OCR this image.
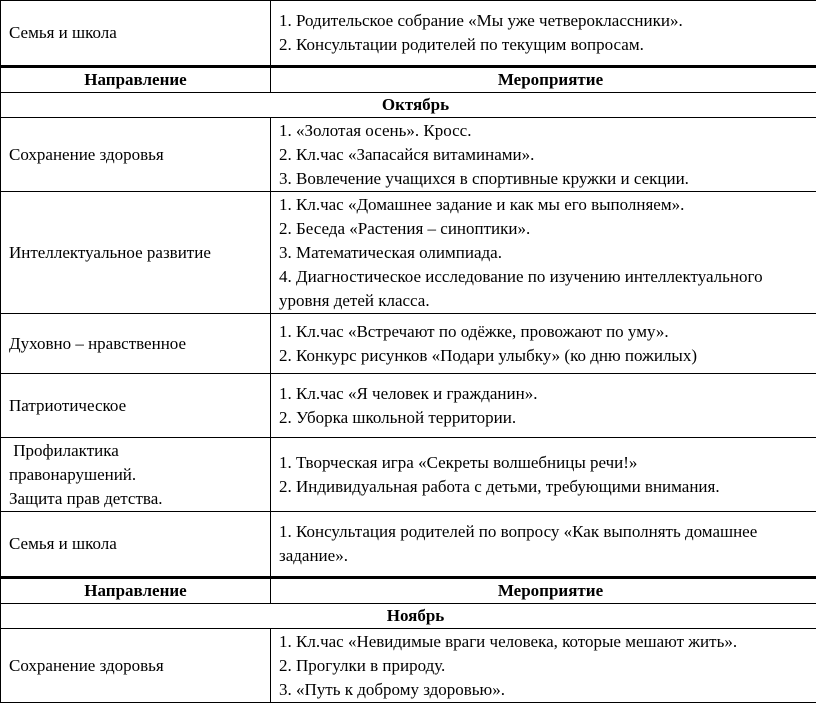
Семья и школа	1. Родительское собрание «Мы уже четвероклассники».
2. Консультации родителей по текущим вопросам.

Направление	Мероприятие
Октябрь	

Сохранение здоровья	1. «Золотая осень». Кросс.
2. Кл.час «Запасайся витаминами».
3. Вовлечение учащихся в спортивные кружки и секции.

Интеллектуальное развитие	1. Кл.час «Домашнее задание и как мы его выполняем».
2. Беседа «Растения – синоптики».
3. Математическая олимпиада.
4. Диагностическое исследование по изучению интеллектуального
уровня детей класса.

Духовно – нравственное	1. Кл.час «Встречают по одёжке, провожают по уму».
2. Конкурс рисунков «Подари улыбку» (ко дню пожилых)

Патриотическое	1. Кл.час «Я человек и гражданин».
2. Уборка школьной территории.

Профилактика
правонарушений.
Защита прав детства.	1. Творческая игра «Секреты волшебницы речи!»
2. Индивидуальная работа с детьми, требующими внимания.

Семья и школа	1. Консультация родителей по вопросу «Как выполнять домашнее
задание».

Направление	Мероприятие
Ноябрь	

Сохранение здоровья	1. Кл.час «Невидимые враги человека, которые мешают жить».
2. Прогулки в природу.
3. «Путь к доброму здоровью».
